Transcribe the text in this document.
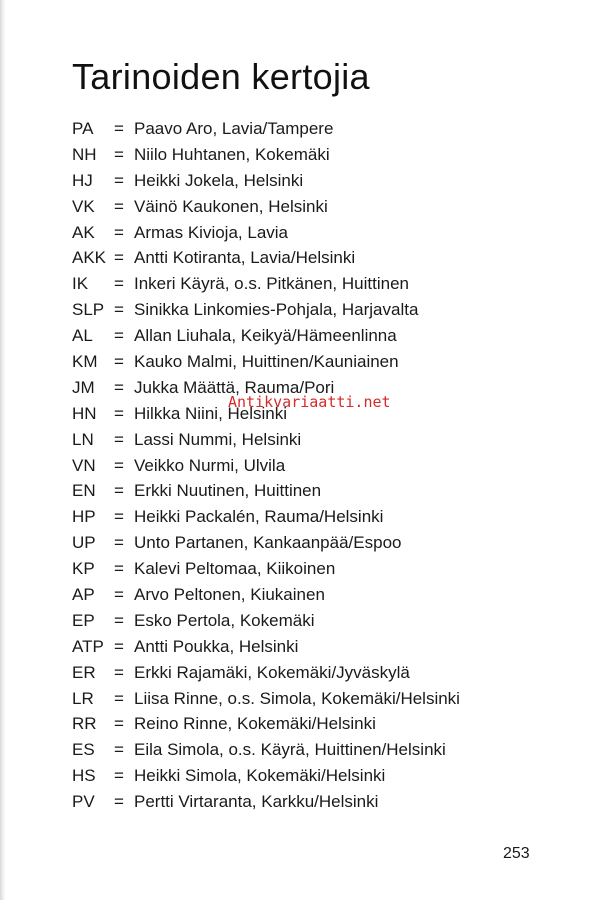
Tarinoiden kertojia
PA	= Paavo Aro, Lavia/Tampere
NH	= Niilo Huhtanen, Kokemäki
HJ	= Heikki Jokela, Helsinki
VK	= Väinö Kaukonen, Helsinki
AK	= Armas Kivioja, Lavia
AKK = Antti Kotiranta, Lavia/Helsinki
IK	= Inkeri Käyrä, o.s. Pitkänen, Huittinen
SLP = Sinikka Linkomies-Pohjala, Harjavalta
AL	= Allan Liuhala, Keikyä/Hämeenlinna
KM = Kauko Malmi, Huittinen/Kauniainen
JM	= Jukka Määttä, Rauma/Pori
HN	= Hilkka Niini, Helsinki
LN	= Lassi Nummi, Helsinki
VN	= Veikko Nurmi, Ulvila
EN	= Erkki Nuutinen, Huittinen
HP	= Heikki Packalén, Rauma/Helsinki
UP	= Unto Partanen, Kankaanpää/Espoo
KP	= Kalevi Peltomaa, Kiikoinen
AP	= Arvo Peltonen, Kiukainen
EP	= Esko Pertola, Kokemäki
ATP = Antti Poukka, Helsinki
ER	= Erkki Rajamäki, Kokemäki/Jyväskylä
LR	= Liisa Rinne, o.s. Simola, Kokemäki/Helsinki
RR	= Reino Rinne, Kokemäki/Helsinki
ES	= Eila Simola, o.s. Käyrä, Huittinen/Helsinki
HS	= Heikki Simola, Kokemäki/Helsinki
PV	= Pertti Virtaranta, Karkku/Helsinki
Antikvariaatti.net
253
